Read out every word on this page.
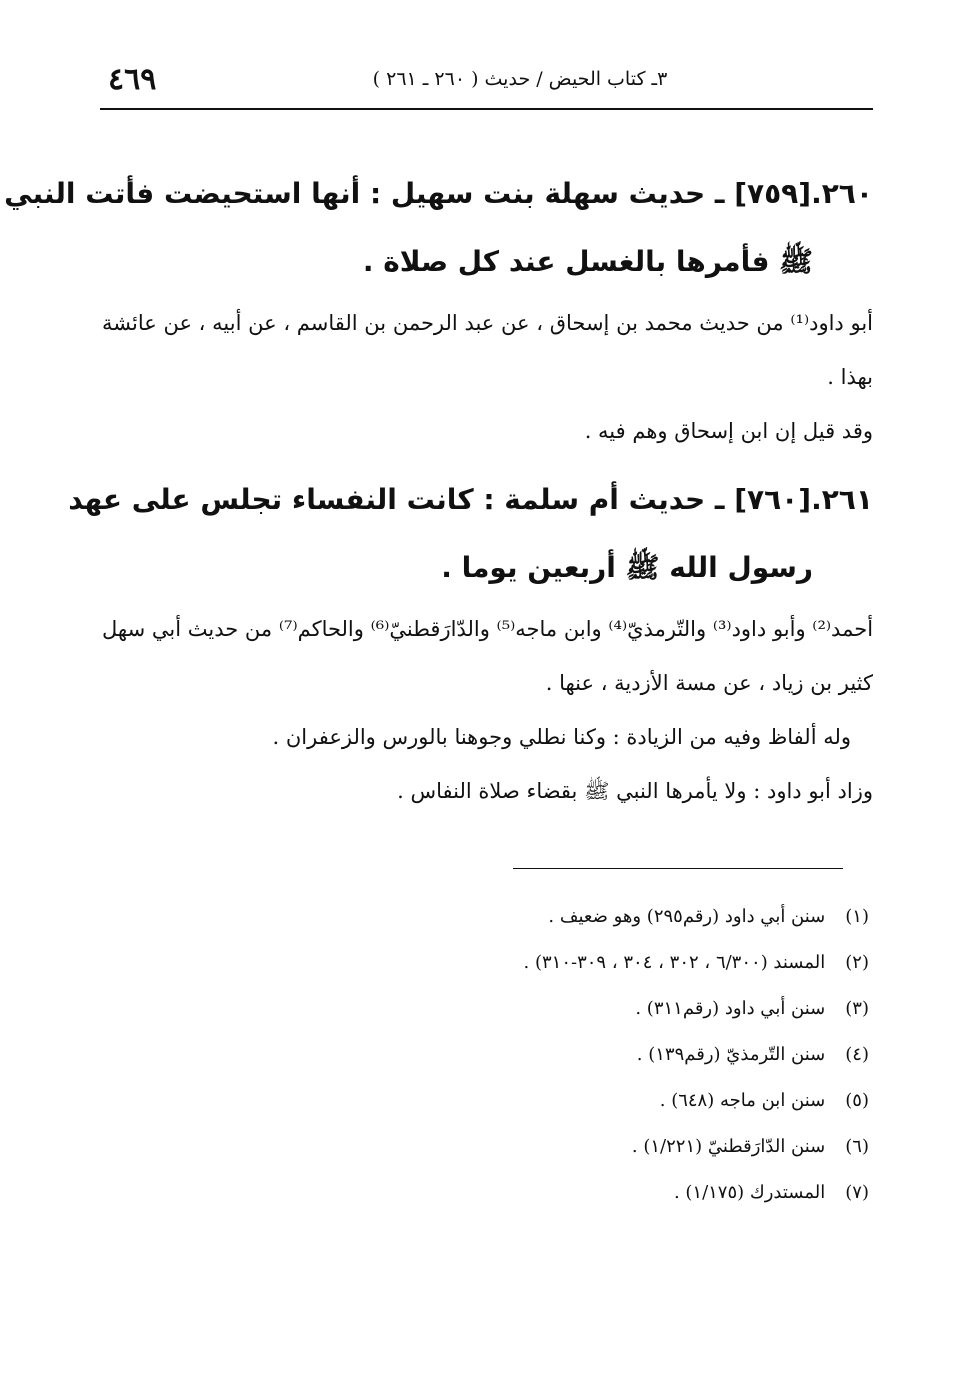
٤٦٩	٣ـ كتاب الحيض / حديث ( ٢٦٠ ـ ٢٦١ )
٢٦٠.[٧٥٩] ـ حديث سهلة بنت سهيل : أنها استحيضت فأتت النبي
ﷺ فأمرها بالغسل عند كل صلاة .

أبو داود⁽¹⁾ من حديث محمد بن إسحاق ، عن عبد الرحمن بن القاسم ، عن أبيه ، عن عائشة بهذا .

وقد قيل إن ابن إسحاق وهم فيه .

٢٦١.[٧٦٠] ـ حديث أم سلمة : كانت النفساء تجلس على عهد
رسول الله ﷺ أربعين يوما .

أحمد⁽²⁾ وأبو داود⁽³⁾ والتّرمذيّ⁽⁴⁾ وابن ماجه⁽⁵⁾ والدّارَقطنيّ⁽⁶⁾ والحاكم⁽⁷⁾ من حديث أبي سهل كثير بن زياد ، عن مسة الأزدية ، عنها .

وله ألفاظ وفيه من الزيادة : وكنا نطلي وجوهنا بالورس والزعفران .

وزاد أبو داود : ولا يأمرها النبي ﷺ بقضاء صلاة النفاس .

(١) سنن أبي داود (رقم٢٩٥) وهو ضعيف .
(٢) المسند (٦/٣٠٠ ، ٣٠٢ ، ٣٠٤ ، ٣٠٩-٣١٠) .
(٣) سنن أبي داود (رقم٣١١) .
(٤) سنن التّرمذيّ (رقم١٣٩) .
(٥) سنن ابن ماجه (٦٤٨) .
(٦) سنن الدّارَقطنيّ (١/٢٢١) .
(٧) المستدرك (١/١٧٥) .
